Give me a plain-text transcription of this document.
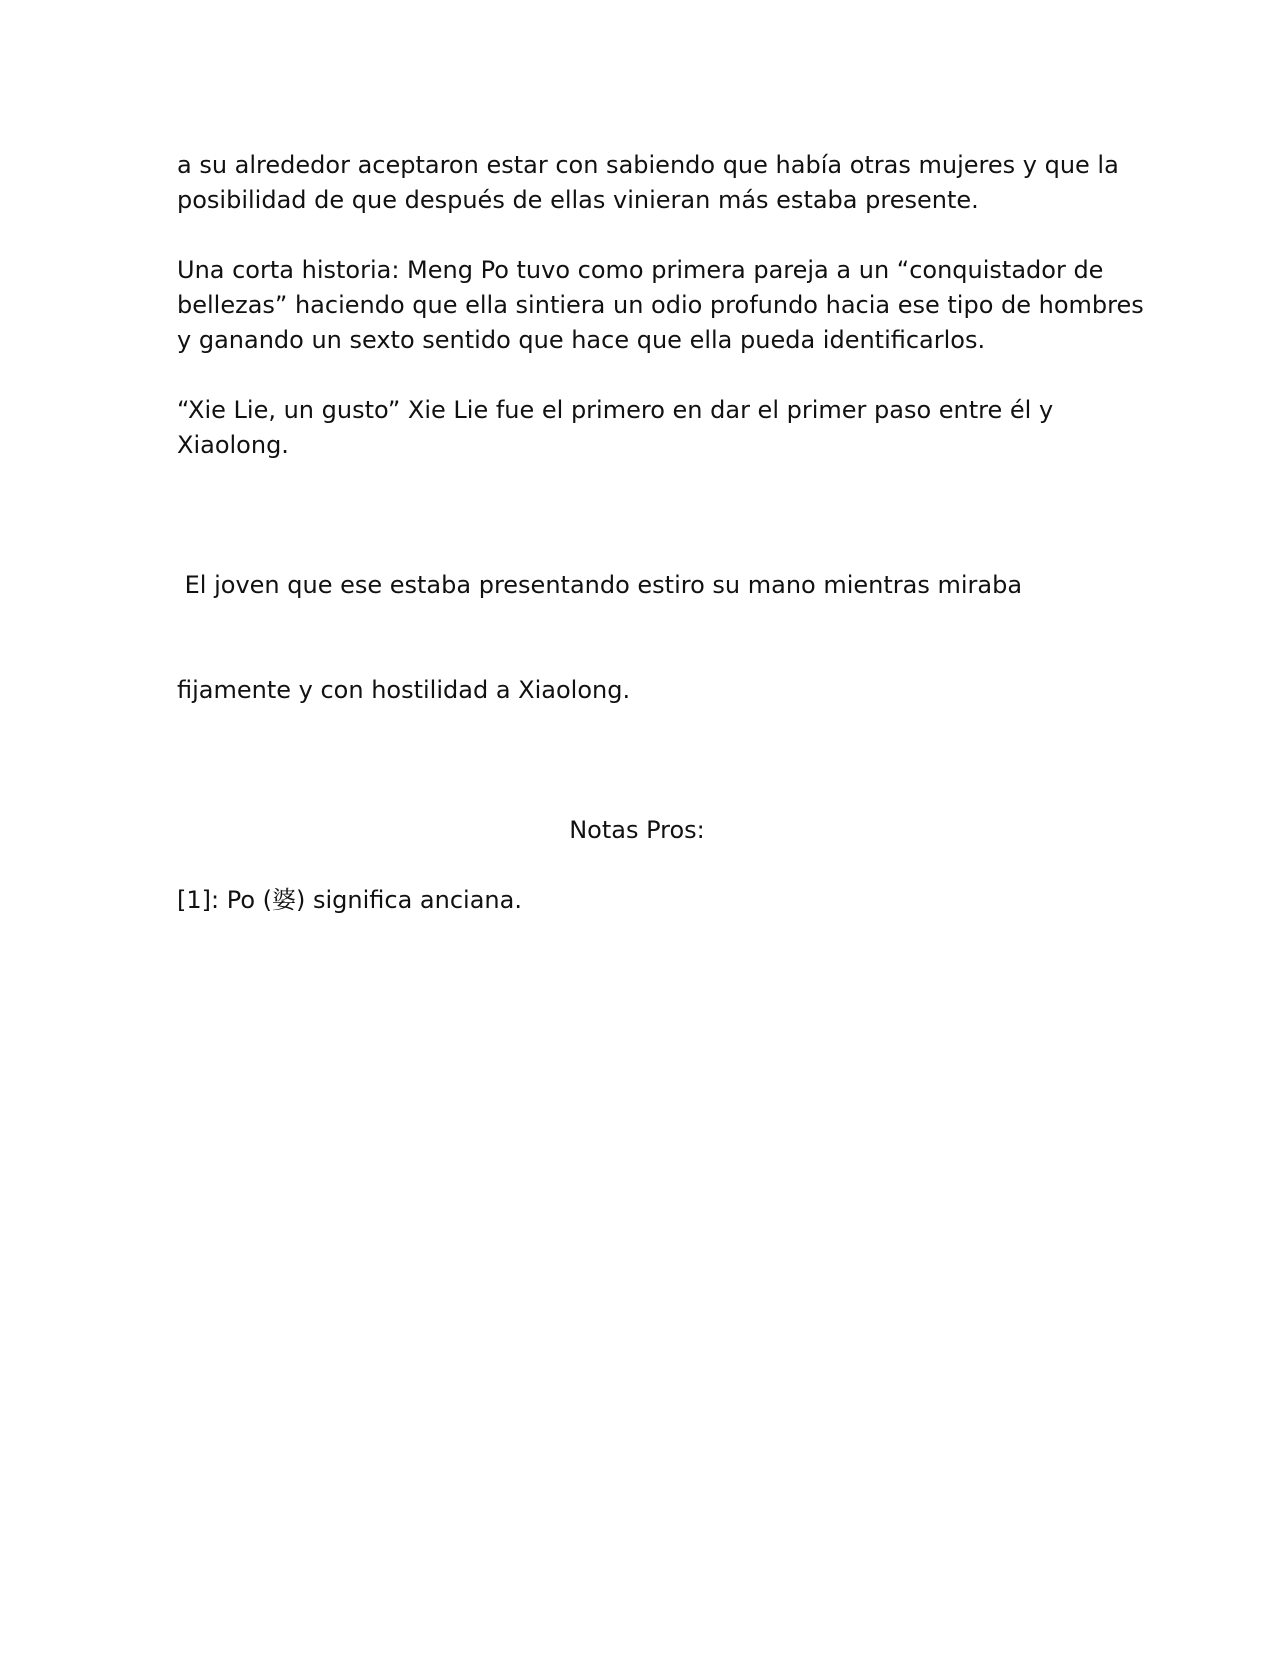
a su alrededor aceptaron estar con sabiendo que había otras mujeres y que la
posibilidad de que después de ellas vinieran más estaba presente.

Una corta historia: Meng Po tuvo como primera pareja a un “conquistador de
bellezas” haciendo que ella sintiera un odio profundo hacia ese tipo de hombres
y ganando un sexto sentido que hace que ella pueda identificarlos.

“Xie Lie, un gusto” Xie Lie fue el primero en dar el primer paso entre él y
Xiaolong.

El joven que ese estaba presentando estiro su mano mientras miraba

fijamente y con hostilidad a Xiaolong.

Notas Pros:

[1]: Po (婆) significa anciana.
